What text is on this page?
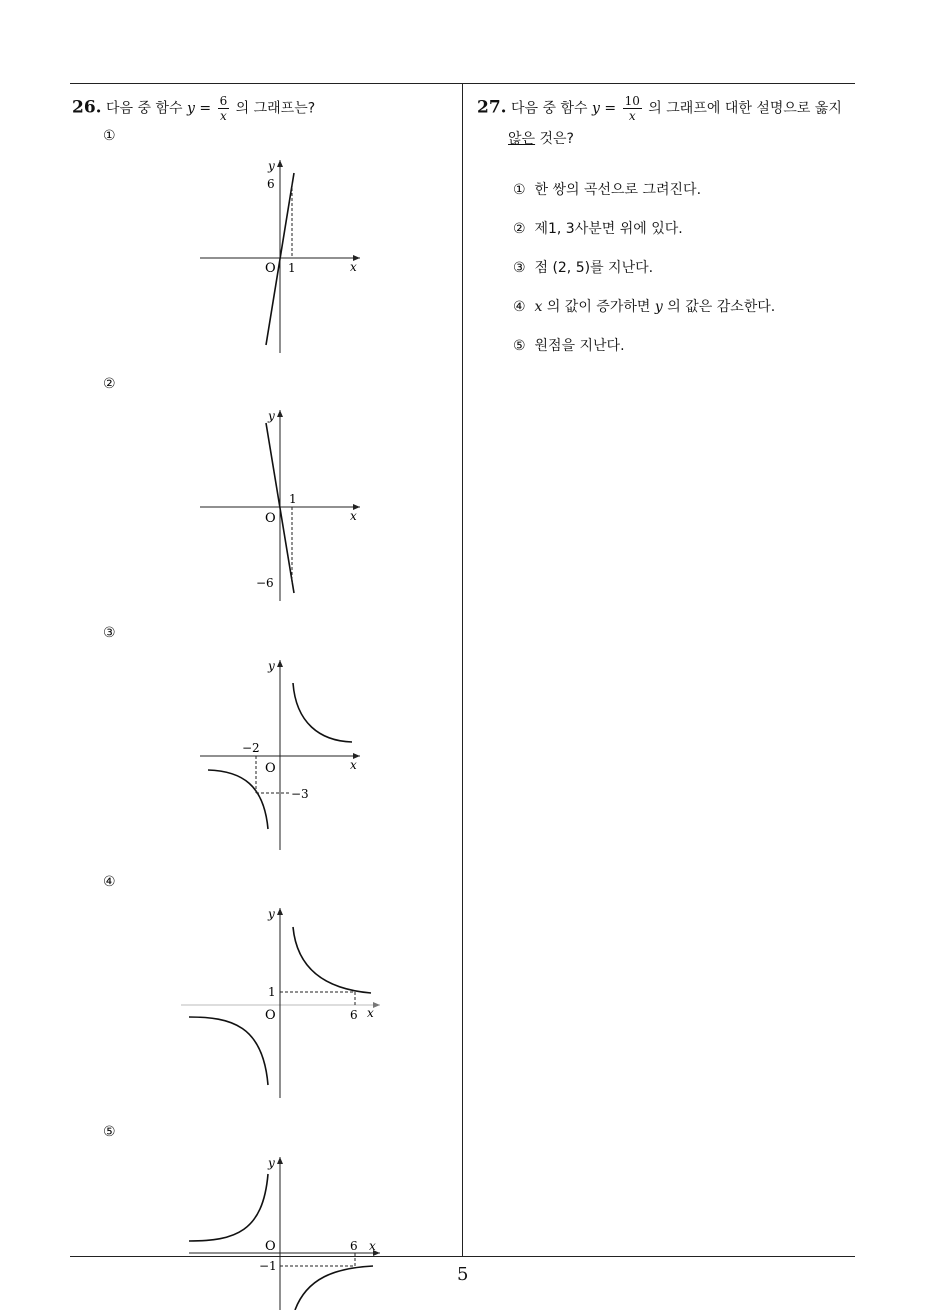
26. 다음 중 함수 $y = \frac{6}{x}$ 의 그래프는?
①
y
x
O
6
1
②
y
x
O
1
−6
③
y
x
O
−2
−3
④
y
x
O
1
6
⑤
y
x
O	6
−1
27. 다음 중 함수 $y = \frac{10}{x}$ 의 그래프에 대한 설명으로 옳지
않은 것은?
① 한 쌍의 곡선으로 그려진다.
② 제1, 3사분면 위에 있다.
③ 점 (2, 5)를 지난다.
④ x 의 값이 증가하면 y 의 값은 감소한다.
⑤ 원점을 지난다.
5
